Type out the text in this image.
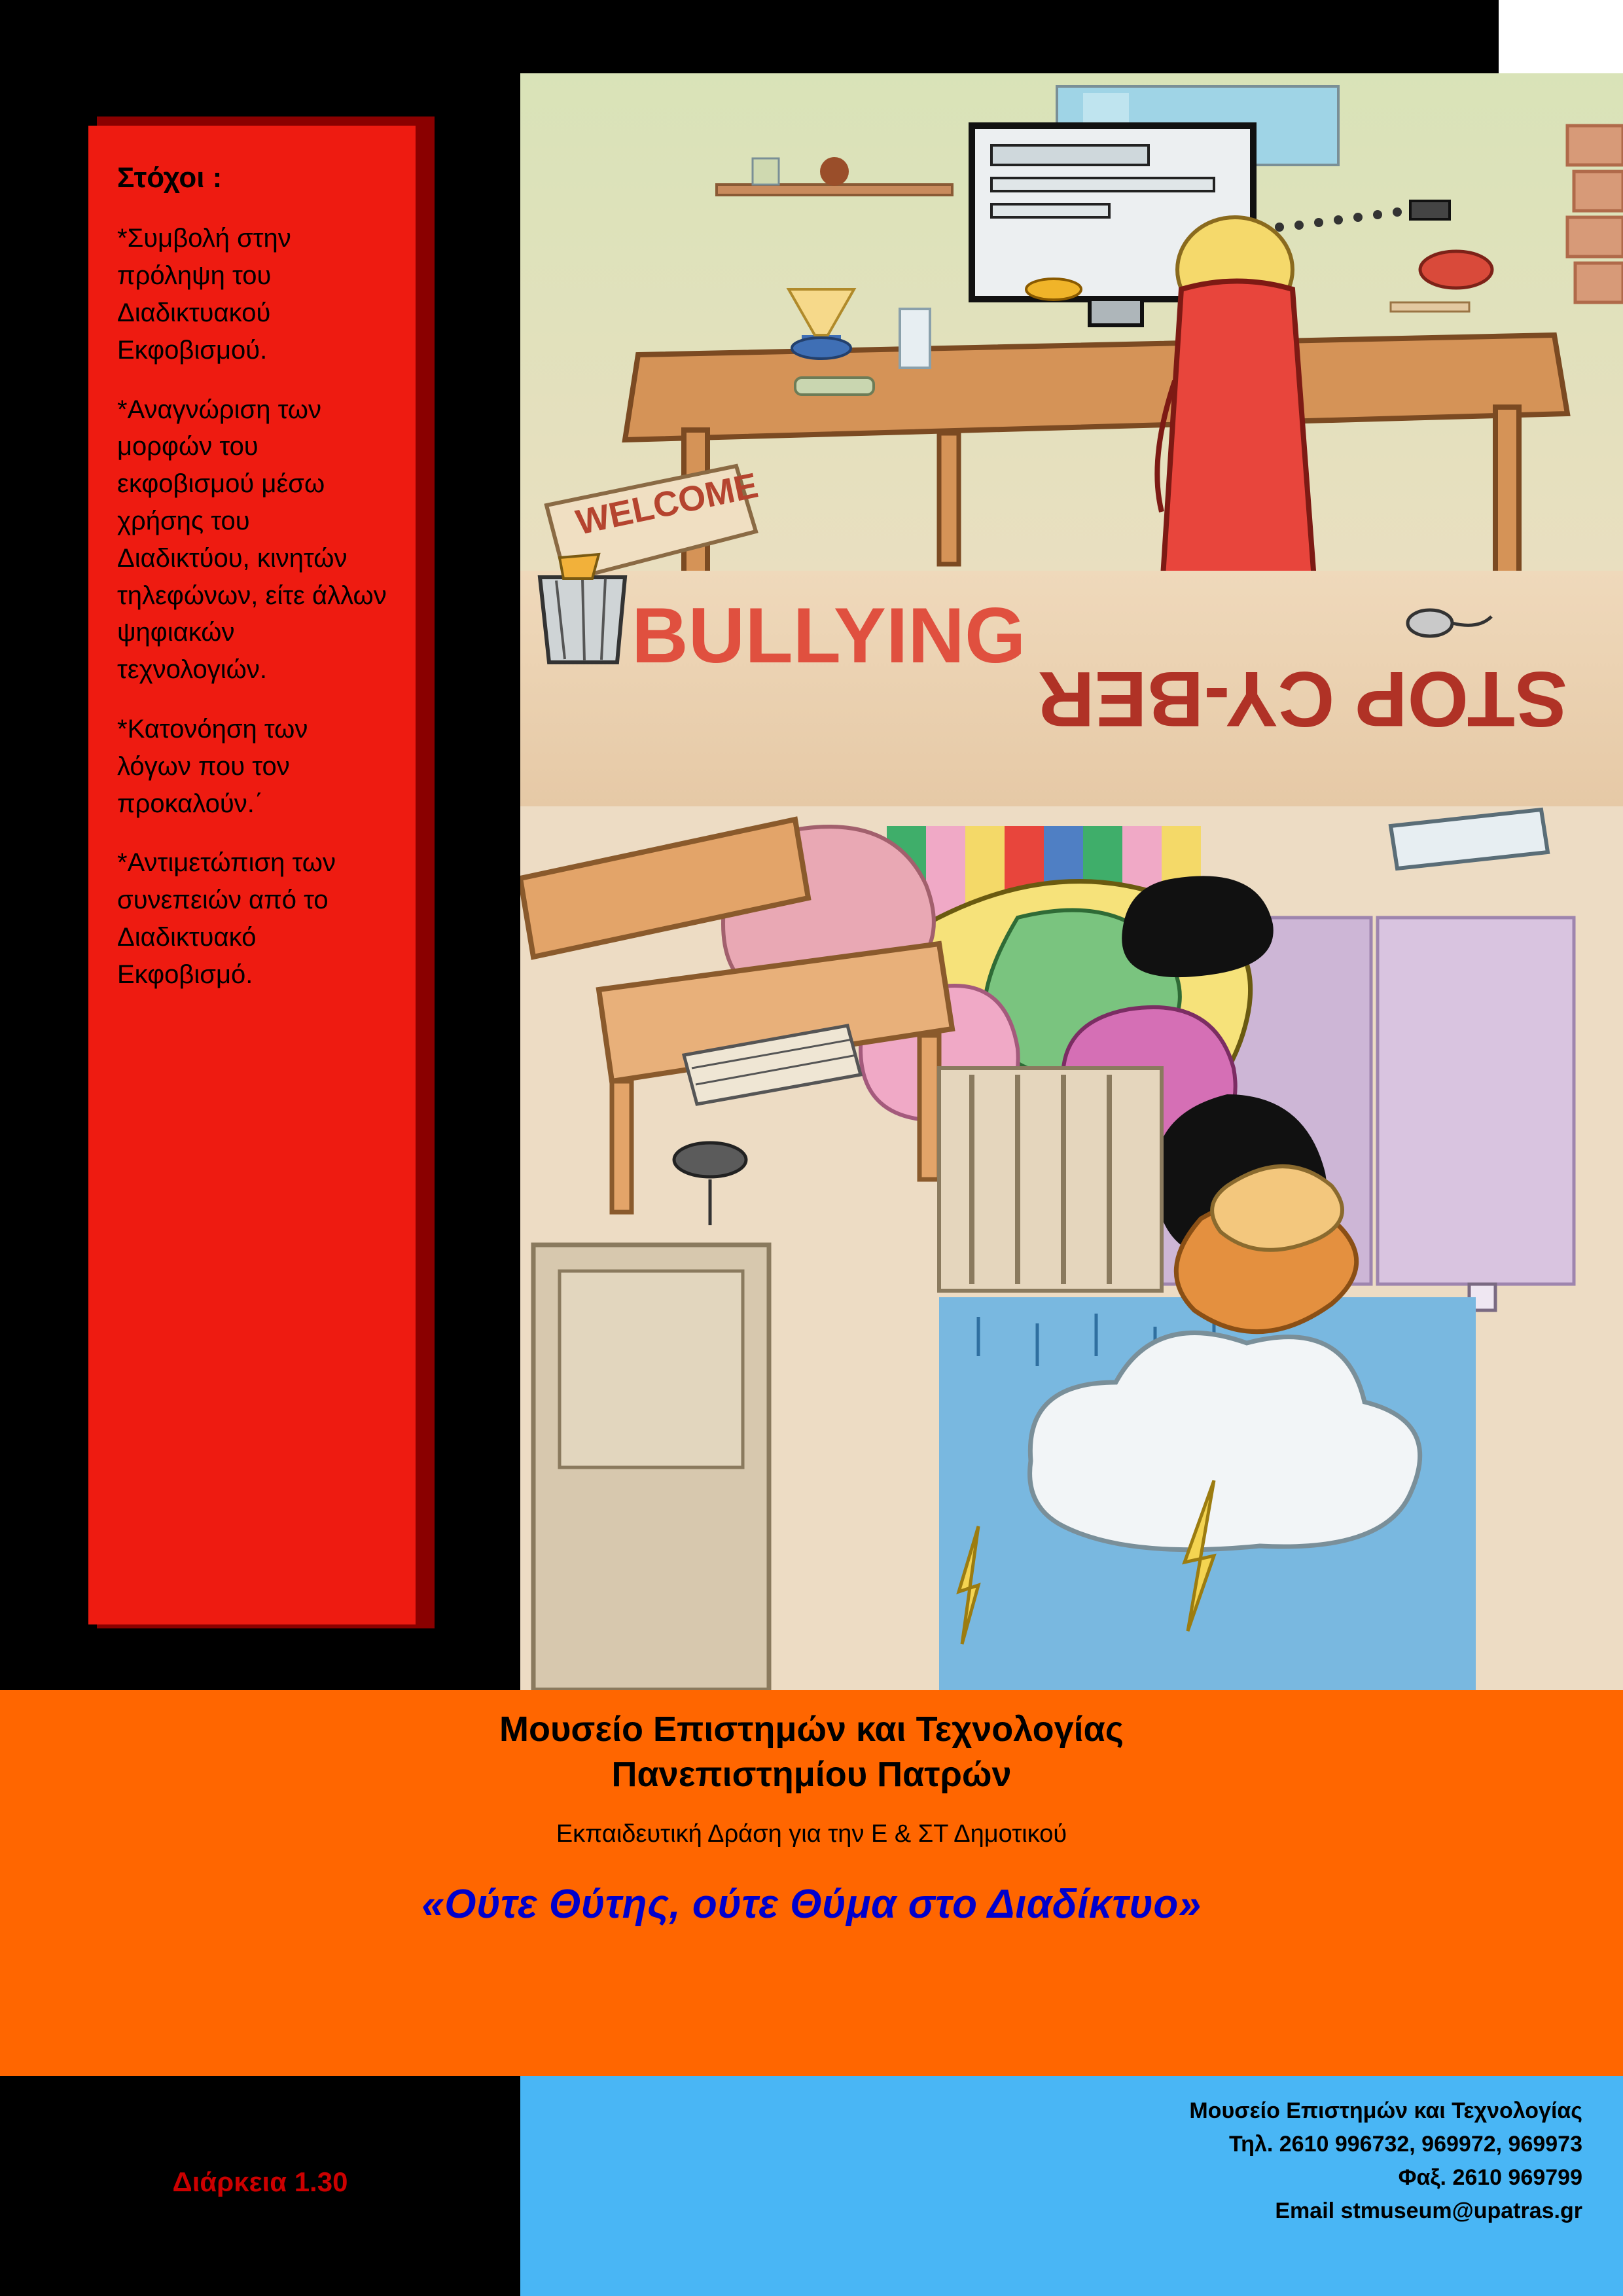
Στόχοι :
*Συμβολή στην πρόληψη του Διαδικτυακού Εκφοβισμού.
*Αναγνώριση των μορφών του εκφοβισμού μέσω χρήσης του Διαδικτύου, κινητών τηλεφώνων, είτε άλλων ψηφιακών τεχνολογιών.
*Κατονόηση των λόγων που τον προκαλούν.΄
*Αντιμετώπιση των συνεπειών από το Διαδικτυακό Εκφοβισμό.
WELCOME
BULLYING
STOP CY-BER
Μουσείο Επιστημών και Τεχνολογίας
Πανεπιστημίου Πατρών
Εκπαιδευτική Δράση για την Ε & ΣΤ Δημοτικού
«Ούτε Θύτης, ούτε Θύμα στο Διαδίκτυο»
Διάρκεια 1.30
Μουσείο Επιστημών και Τεχνολογίας
Τηλ. 2610 996732, 969972, 969973
Φαξ. 2610 969799
Email stmuseum@upatras.gr
